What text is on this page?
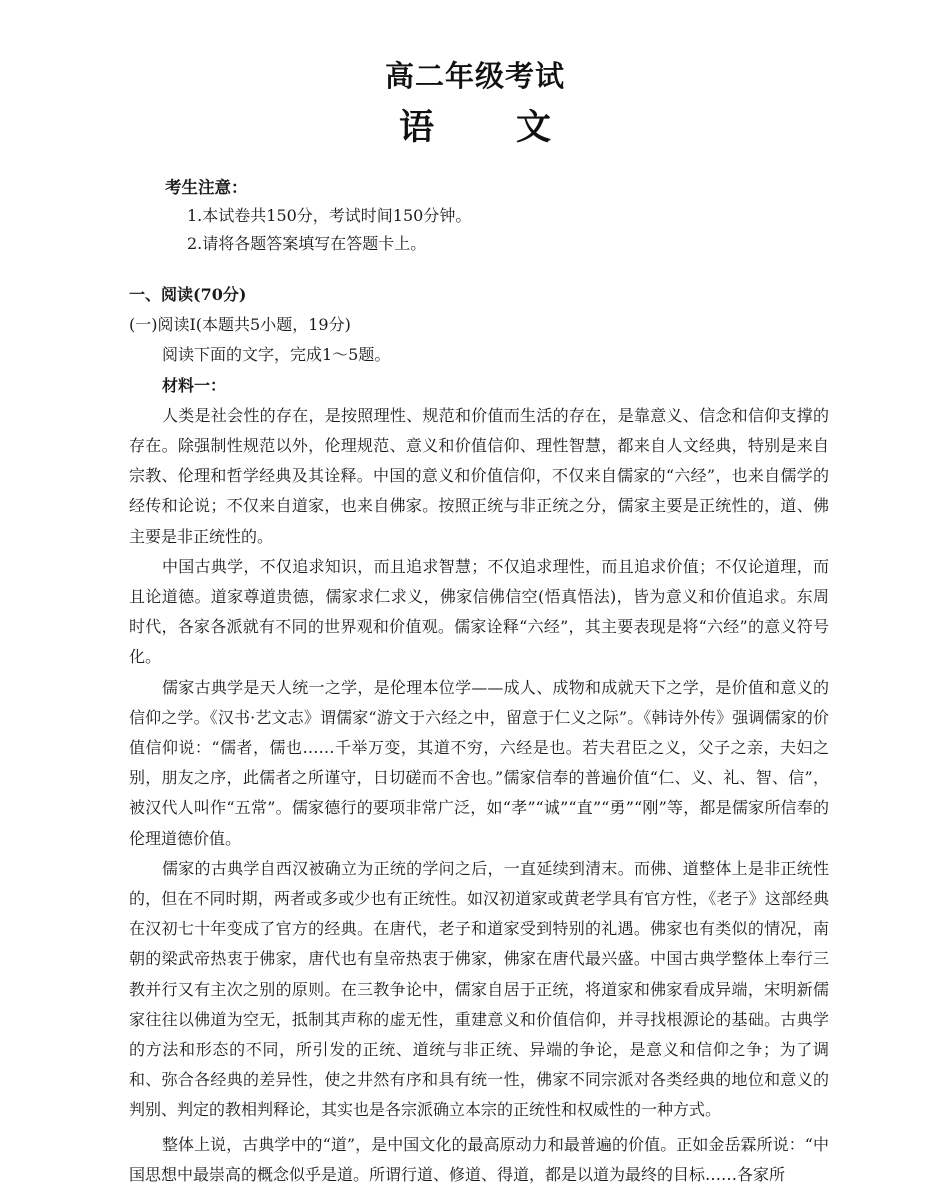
高二年级考试
语 文
考生注意：
1.本试卷共150分，考试时间150分钟。
2.请将各题答案填写在答题卡上。
一、阅读(70分)
(一)阅读Ⅰ(本题共5小题，19分)
阅读下面的文字，完成1～5题。
材料一：

人类是社会性的存在，是按照理性、规范和价值而生活的存在，是靠意义、信念和信仰支撑的存在。除强制性规范以外，伦理规范、意义和价值信仰、理性智慧，都来自人文经典，特别是来自宗教、伦理和哲学经典及其诠释。中国的意义和价值信仰，不仅来自儒家的“六经”，也来自儒学的经传和论说；不仅来自道家，也来自佛家。按照正统与非正统之分，儒家主要是正统性的，道、佛主要是非正统性的。

中国古典学，不仅追求知识，而且追求智慧；不仅追求理性，而且追求价值；不仅论道理，而且论道德。道家尊道贵德，儒家求仁求义，佛家信佛信空(悟真悟法)，皆为意义和价值追求。东周时代，各家各派就有不同的世界观和价值观。儒家诠释“六经”，其主要表现是将“六经”的意义符号化。

儒家古典学是天人统一之学，是伦理本位学——成人、成物和成就天下之学，是价值和意义的信仰之学。《汉书·艺文志》谓儒家“游文于六经之中，留意于仁义之际”。《韩诗外传》强调儒家的价值信仰说：“儒者，儒也……千举万变，其道不穷，六经是也。若夫君臣之义，父子之亲，夫妇之别，朋友之序，此儒者之所谨守，日切磋而不舍也。”儒家信奉的普遍价值“仁、义、礼、智、信”，被汉代人叫作“五常”。儒家德行的要项非常广泛，如“孝”“诚”“直”“勇”“刚”等，都是儒家所信奉的伦理道德价值。

儒家的古典学自西汉被确立为正统的学问之后，一直延续到清末。而佛、道整体上是非正统性的，但在不同时期，两者或多或少也有正统性。如汉初道家或黄老学具有官方性，《老子》这部经典在汉初七十年变成了官方的经典。在唐代，老子和道家受到特别的礼遇。佛家也有类似的情况，南朝的梁武帝热衷于佛家，唐代也有皇帝热衷于佛家，佛家在唐代最兴盛。中国古典学整体上奉行三教并行又有主次之别的原则。在三教争论中，儒家自居于正统，将道家和佛家看成异端，宋明新儒家往往以佛道为空无，抵制其声称的虚无性，重建意义和价值信仰，并寻找根源论的基础。古典学的方法和形态的不同，所引发的正统、道统与非正统、异端的争论，是意义和信仰之争；为了调和、弥合各经典的差异性，使之井然有序和具有统一性，佛家不同宗派对各类经典的地位和意义的判别、判定的教相判释论，其实也是各宗派确立本宗的正统性和权威性的一种方式。

整体上说，古典学中的“道”，是中国文化的最高原动力和最普遍的价值。正如金岳霖所说：“中国思想中最崇高的概念似乎是道。所谓行道、修道、得道，都是以道为最终的目标……各家所
